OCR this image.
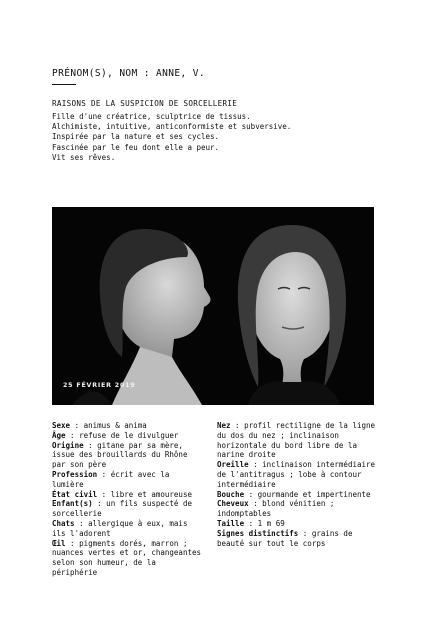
PRÉNOM(S), NOM : ANNE, V.
RAISONS DE LA SUSPICION DE SORCELLERIE
Fille d'une créatrice, sculptrice de tissus.
Alchimiste, intuitive, anticonformiste et subversive.
Inspirée par la nature et ses cycles.
Fascinée par le feu dont elle a peur.
Vit ses rêves.
25 FÉVRIER 2019
Sexe : animus & anima
Âge : refuse de le divulguer
Origine : gitane par sa mère, issue des brouillards du Rhône par son père
Profession : écrit avec la lumière
État civil : libre et amoureuse
Enfant(s) : un fils suspecté de sorcellerie
Chats : allergique à eux, mais ils l'adorent
Œil : pigments dorés, marron ; nuances vertes et or, changeantes selon son humeur, de la périphérie
Nez : profil rectiligne de la ligne du dos du nez ; inclinaison horizontale du bord libre de la narine droite
Oreille : inclinaison intermédiaire de l'antitragus ; lobe à contour intermédiaire
Bouche : gourmande et impertinente
Cheveux : blond vénitien ; indomptables
Taille : 1 m 69
Signes distinctifs : grains de beauté sur tout le corps
